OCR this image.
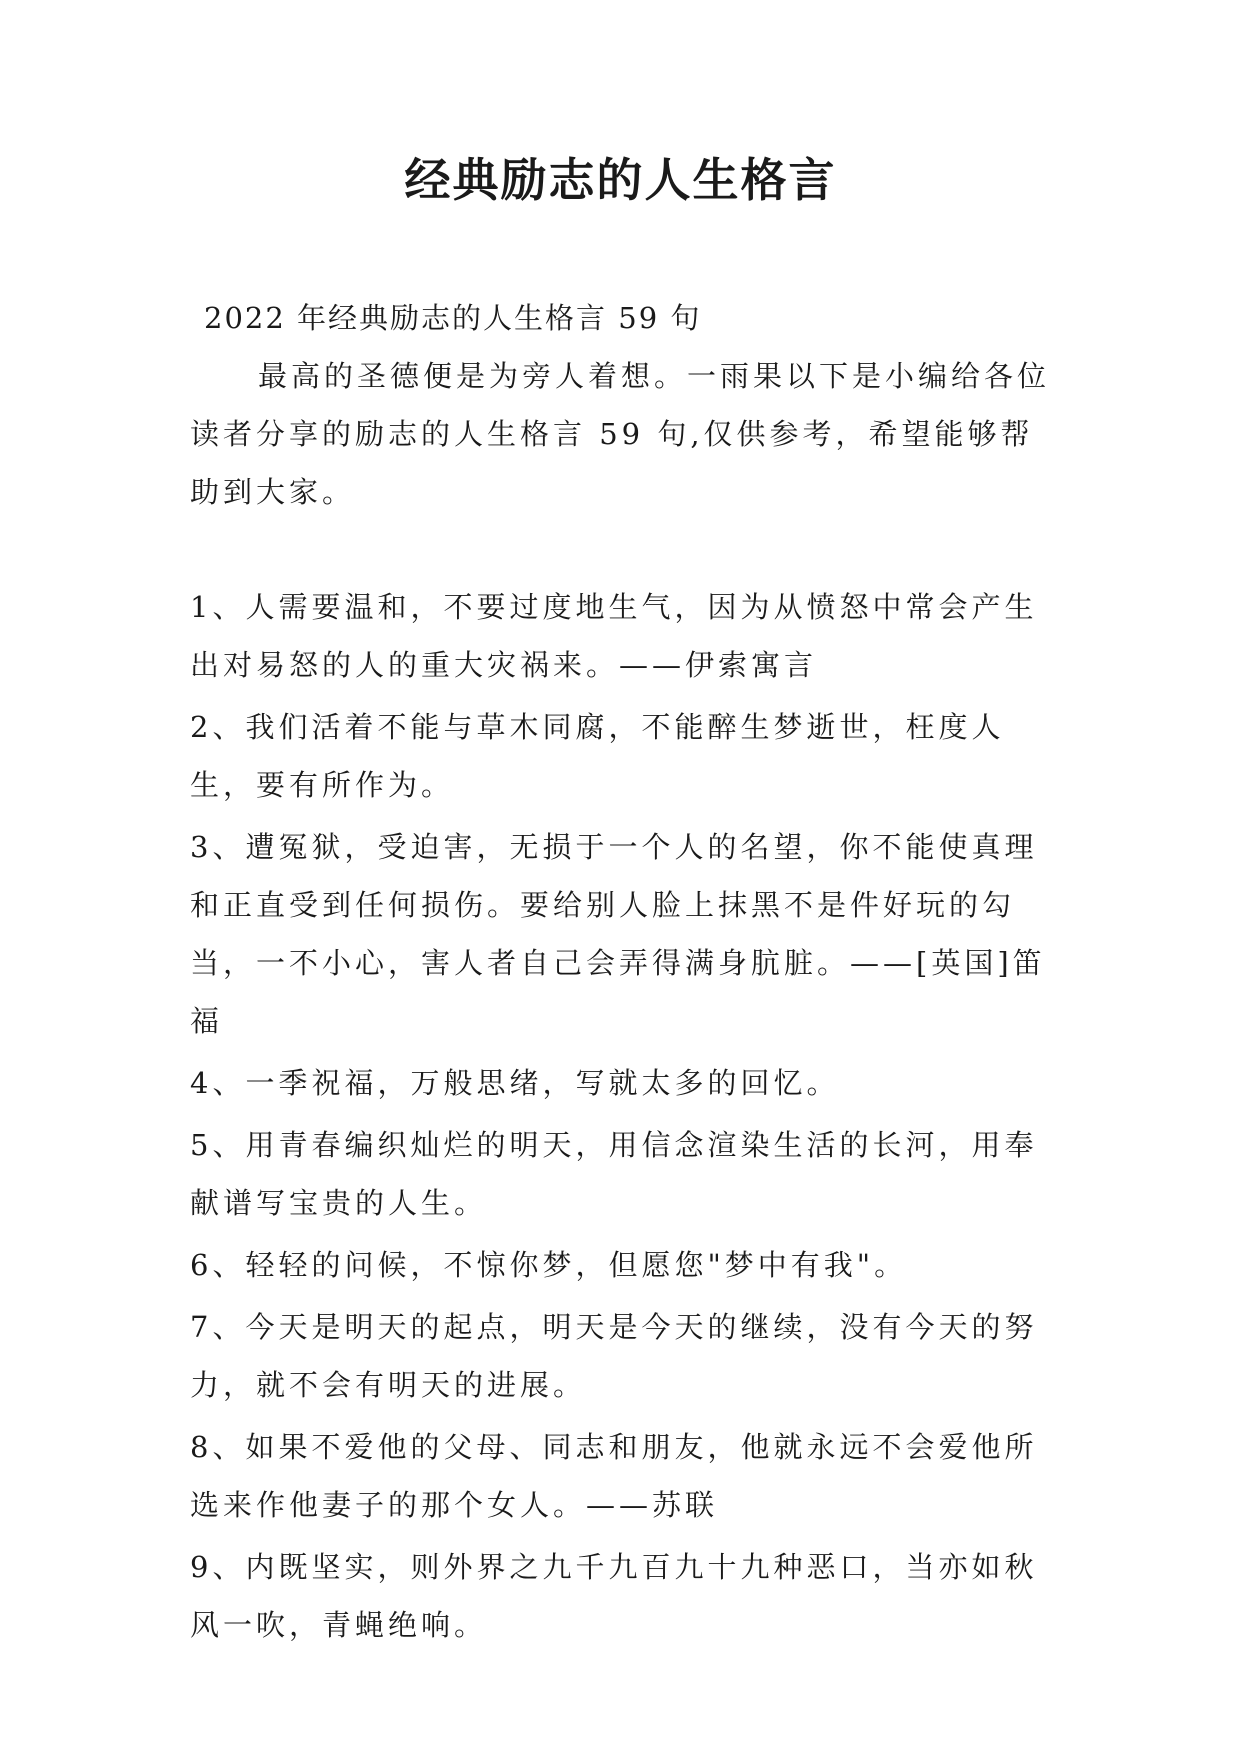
经典励志的人生格言
2022 年经典励志的人生格言 59 句

最高的圣德便是为旁人着想。一雨果以下是小编给各位读者分享的励志的人生格言 59 句,仅供参考，希望能够帮助到大家。

1、人需要温和，不要过度地生气，因为从愤怒中常会产生出对易怒的人的重大灾祸来。——伊索寓言
2、我们活着不能与草木同腐，不能醉生梦逝世，枉度人生，要有所作为。
3、遭冤狱，受迫害，无损于一个人的名望，你不能使真理和正直受到任何损伤。要给别人脸上抹黑不是件好玩的勾当，一不小心，害人者自己会弄得满身肮脏。——[英国]笛福
4、一季祝福，万般思绪，写就太多的回忆。
5、用青春编织灿烂的明天，用信念渲染生活的长河，用奉献谱写宝贵的人生。
6、轻轻的问候，不惊你梦，但愿您"梦中有我"。
7、今天是明天的起点，明天是今天的继续，没有今天的努力，就不会有明天的进展。
8、如果不爱他的父母、同志和朋友，他就永远不会爱他所选来作他妻子的那个女人。——苏联
9、内既坚实，则外界之九千九百九十九种恶口，当亦如秋风一吹，青蝇绝响。
